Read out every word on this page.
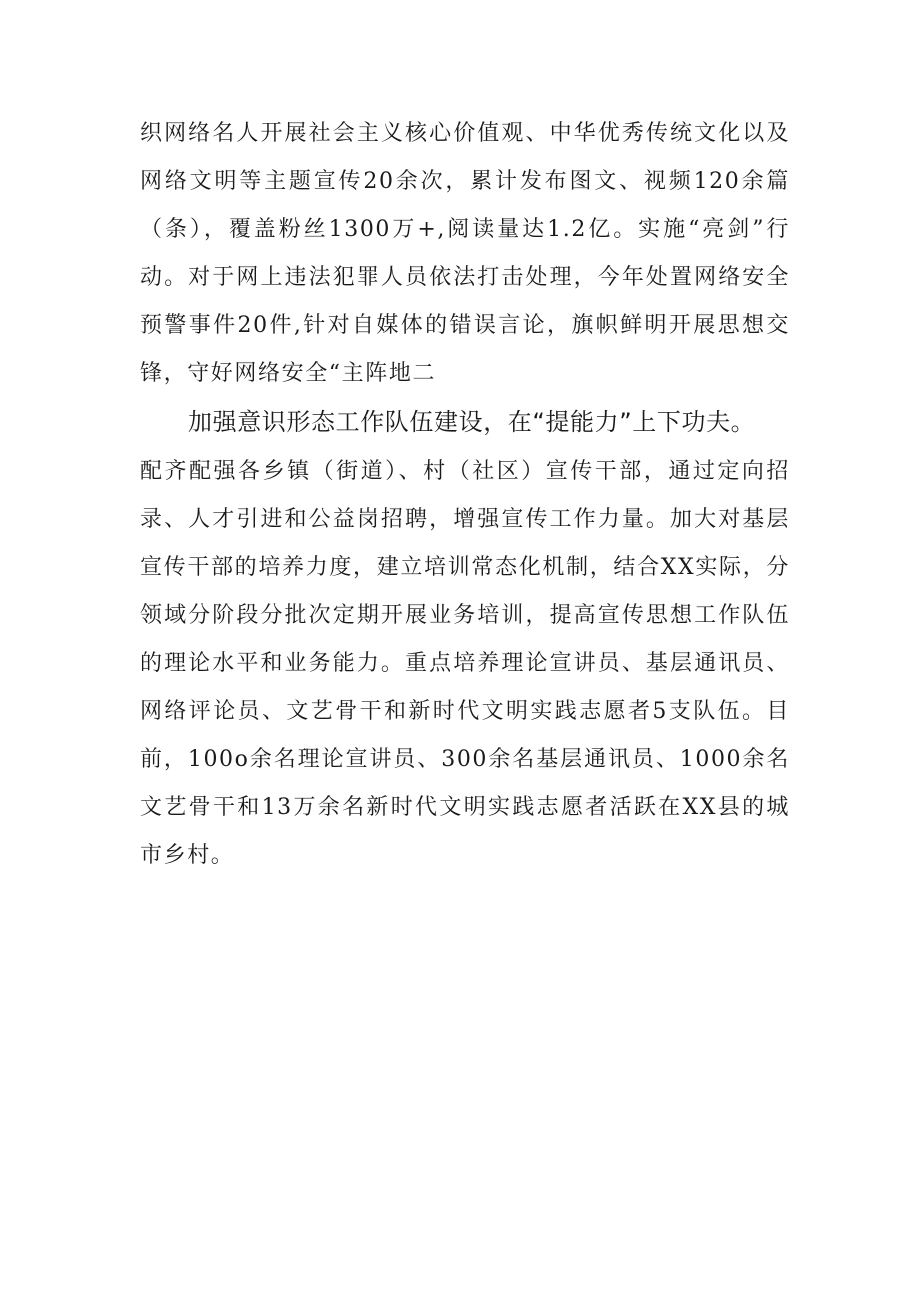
织网络名人开展社会主义核心价值观、中华优秀传统文化以及网络文明等主题宣传20余次，累计发布图文、视频120余篇（条），覆盖粉丝1300万+,阅读量达1.2亿。实施“亮剑”行动。对于网上违法犯罪人员依法打击处理，今年处置网络安全预警事件20件,针对自媒体的错误言论，旗帜鲜明开展思想交锋，守好网络安全“主阵地二

加强意识形态工作队伍建设，在“提能力”上下功夫。
配齐配强各乡镇（街道）、村（社区）宣传干部，通过定向招录、人才引进和公益岗招聘，增强宣传工作力量。加大对基层宣传干部的培养力度，建立培训常态化机制，结合XX实际，分领域分阶段分批次定期开展业务培训，提高宣传思想工作队伍的理论水平和业务能力。重点培养理论宣讲员、基层通讯员、网络评论员、文艺骨干和新时代文明实践志愿者5支队伍。目前，100o余名理论宣讲员、300余名基层通讯员、1000余名文艺骨干和13万余名新时代文明实践志愿者活跃在XX县的城市乡村。
